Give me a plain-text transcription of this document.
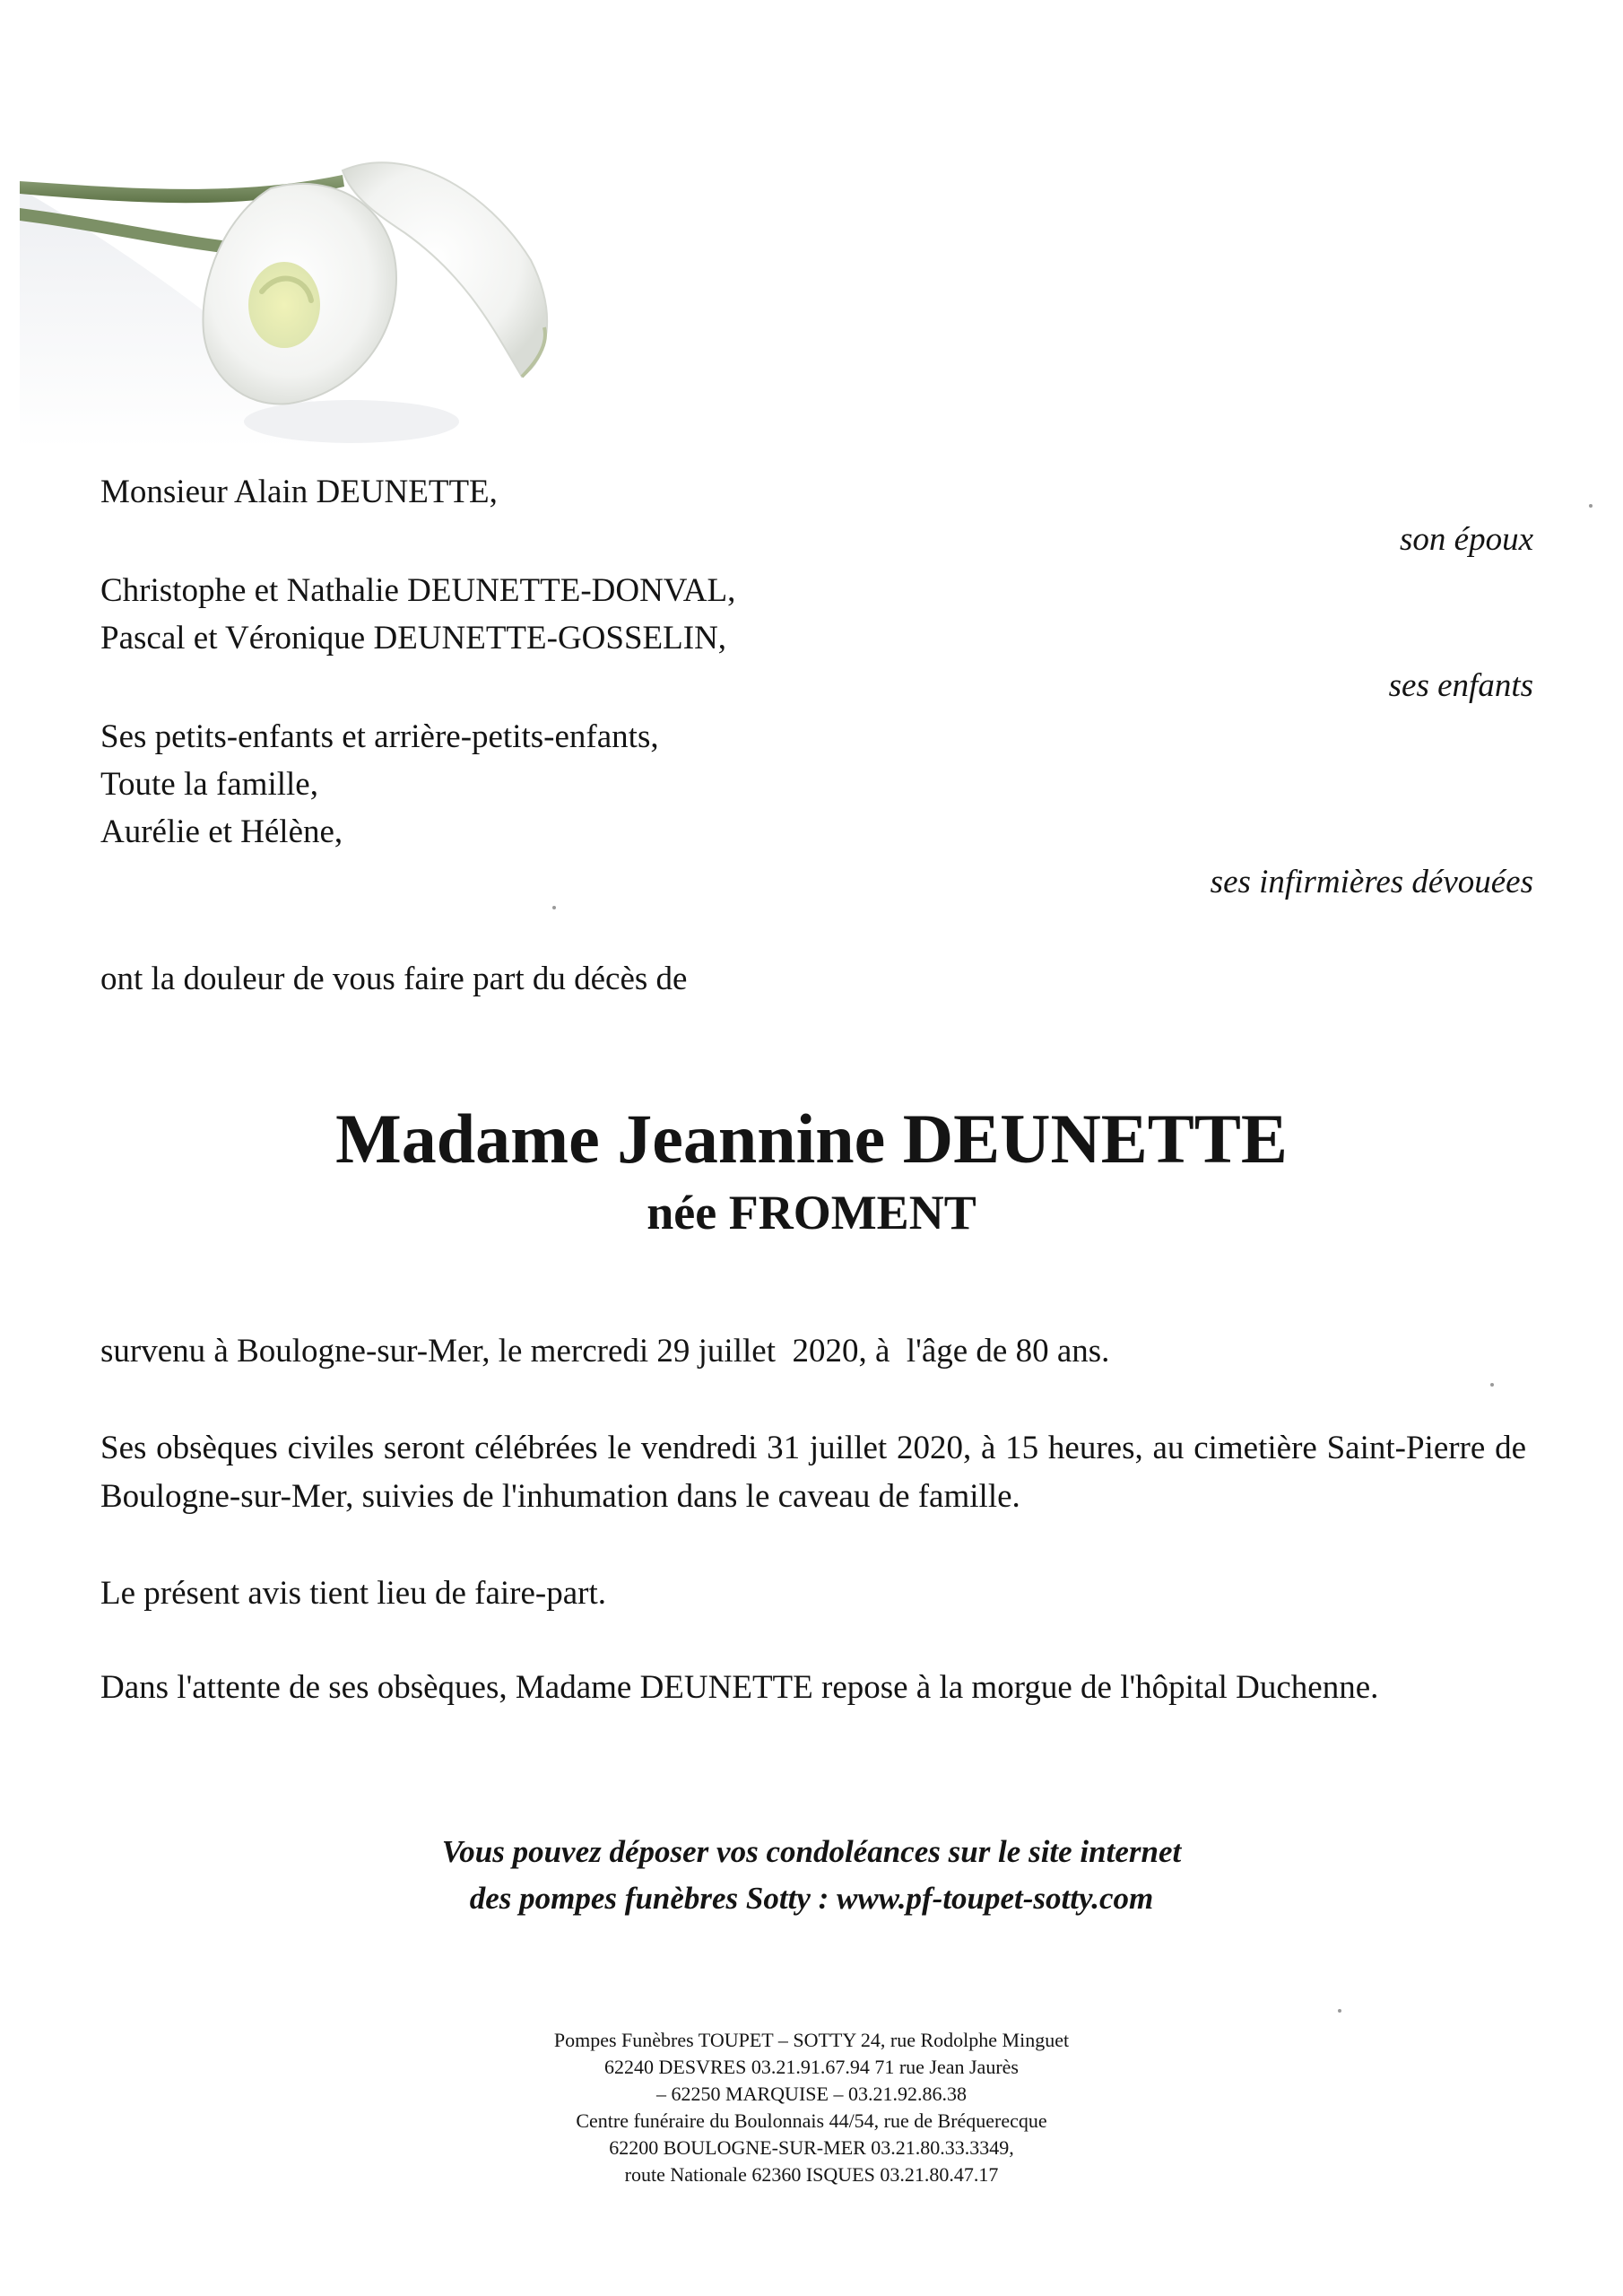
Monsieur Alain DEUNETTE,
son époux
Christophe et Nathalie DEUNETTE-DONVAL,
Pascal et Véronique DEUNETTE-GOSSELIN,
ses enfants
Ses petits-enfants et arrière-petits-enfants,
Toute la famille,
Aurélie et Hélène,
ses infirmières dévouées
ont la douleur de vous faire part du décès de
Madame Jeannine DEUNETTE
née FROMENT
survenu à Boulogne-sur-Mer, le mercredi 29 juillet  2020, à  l'âge de 80 ans.
Ses obsèques civiles seront célébrées le vendredi 31 juillet 2020, à 15 heures, au cimetière Saint-Pierre de Boulogne-sur-Mer, suivies de l'inhumation dans le caveau de famille.
Le présent avis tient lieu de faire-part.
Dans l'attente de ses obsèques, Madame DEUNETTE repose à la morgue de l'hôpital Duchenne.
Vous pouvez déposer vos condoléances sur le site internet
des pompes funèbres Sotty : www.pf-toupet-sotty.com
Pompes Funèbres TOUPET – SOTTY 24, rue Rodolphe Minguet
62240 DESVRES 03.21.91.67.94 71 rue Jean Jaurès
– 62250 MARQUISE – 03.21.92.86.38
Centre funéraire du Boulonnais 44/54, rue de Bréquerecque
62200 BOULOGNE-SUR-MER 03.21.80.33.3349,
route Nationale 62360 ISQUES 03.21.80.47.17
